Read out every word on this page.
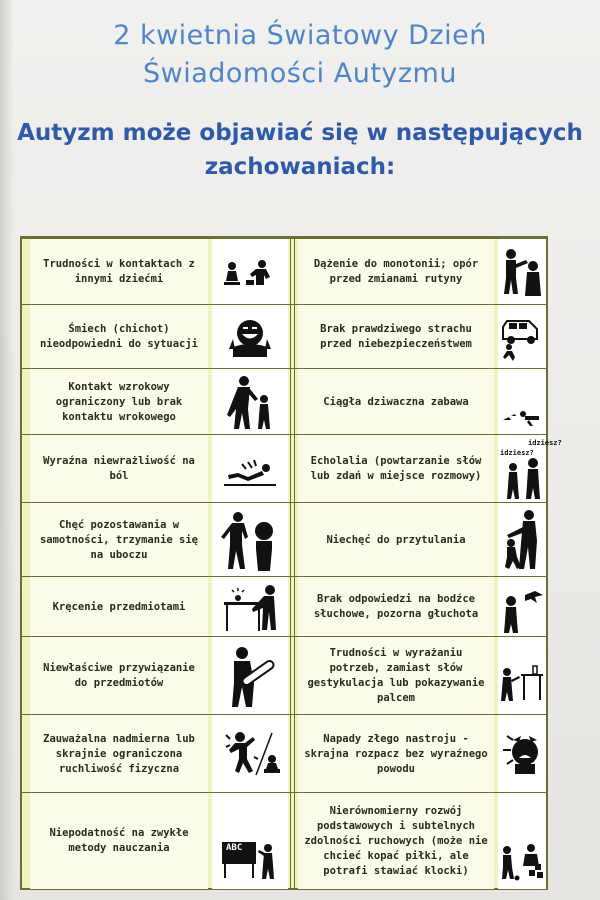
2 kwietnia Światowy Dzień
Świadomości Autyzmu
Autyzm może objawiać się w następujących
zachowaniach:
Trudności w kontaktach z innymi dziećmi
Dążenie do monotonii; opór przed zmianami rutyny
Śmiech (chichot) nieodpowiedni do sytuacji
Brak prawdziwego strachu przed niebezpieczeństwem
Kontakt wzrokowy ograniczony lub brak kontaktu wrokowego
Ciągła dziwaczna zabawa
Wyraźna niewrażliwość na ból
Echolalia (powtarzanie słów lub zdań w miejsce rozmowy)
idziesz?
idziesz?
Chęć pozostawania w samotności, trzymanie się na uboczu
Niechęć do przytulania
Kręcenie przedmiotami
Brak odpowiedzi na bodźce słuchowe, pozorna głuchota
Niewłaściwe przywiązanie do przedmiotów
Trudności w wyrażaniu potrzeb, zamiast słów gestykulacja lub pokazywanie palcem
Zauważalna nadmierna lub skrajnie ograniczona ruchliwość fizyczna
Napady złego nastroju - skrajna rozpacz bez wyraźnego powodu
Niepodatność na zwykłe metody nauczania	ABC
Nierównomierny rozwój podstawowych i subtelnych zdolności ruchowych (może nie chcieć kopać piłki, ale potrafi stawiać klocki)
